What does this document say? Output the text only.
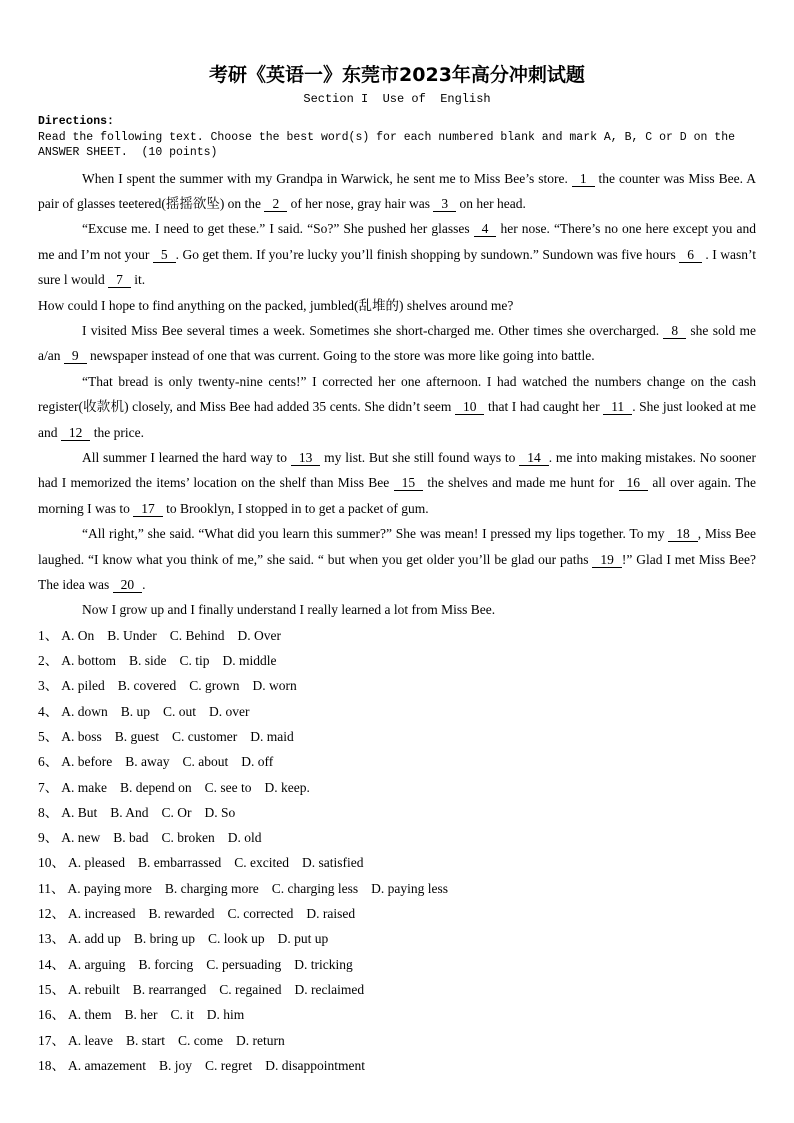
考研《英语一》东莞市2023年高分冲刺试题
Section I  Use of  English
Directions:
Read the following text. Choose the best word(s) for each numbered blank and mark A, B, C or D on the ANSWER SHEET.  (10 points)

When I spent the summer with my Grandpa in Warwick, he sent me to Miss Bee’s store. 1 the counter was Miss Bee. A pair of glasses teetered(摇摇欲坠) on the 2 of her nose, gray hair was 3 on her head.

“Excuse me. I need to get these.” I said. “So?” She pushed her glasses 4 her nose. “There’s no one here except you and me and I’m not your 5 . Go get them. If you’re lucky you’ll finish shopping by sundown.” Sundown was five hours 6 . I wasn’t sure l would 7 it.

How could I hope to find anything on the packed, jumbled(乱堆的) shelves around me?

I visited Miss Bee several times a week. Sometimes she short-charged me. Other times she overcharged. 8 she sold me a/an 9 newspaper instead of one that was current. Going to the store was more like going into battle.

“That bread is only twenty-nine cents!” I corrected her one afternoon. I had watched the numbers change on the cash register(收款机) closely, and Miss Bee had added 35 cents. She didn’t seem 10 that I had caught her 11 . She just looked at me and 12 the price.

All summer I learned the hard way to 13 my list. But she still found ways to 14 . me into making mistakes. No sooner had I memorized the items’ location on the shelf than Miss Bee 15 the shelves and made me hunt for 16 all over again. The morning I was to 17 to Brooklyn, I stopped in to get a packet of gum.

“All right,” she said. “What did you learn this summer?” She was mean! I pressed my lips together. To my 18 , Miss Bee laughed. “I know what you think of me,” she said. “ but when you get older you’ll be glad our paths 19 !” Glad I met Miss Bee? The idea was 20 .

Now I grow up and I finally understand I really learned a lot from Miss Bee.

1、 A. On B. Under C. Behind D. Over
2、 A. bottom B. side C. tip D. middle
3、 A. piled B. covered C. grown D. worn
4、 A. down B. up C. out D. over
5、 A. boss B. guest C. customer D. maid
6、 A. before B. away C. about D. off
7、 A. make B. depend on C. see to D. keep.
8、 A. But B. And C. Or D. So
9、 A. new B. bad C. broken D. old
10、 A. pleased B. embarrassed C. excited D. satisfied
11、 A. paying more B. charging more C. charging less D. paying less
12、 A. increased B. rewarded C. corrected D. raised
13、 A. add up B. bring up C. look up D. put up
14、 A. arguing B. forcing C. persuading D. tricking
15、 A. rebuilt B. rearranged C. regained D. reclaimed
16、 A. them B. her C. it D. him
17、 A. leave B. start C. come D. return
18、 A. amazement B. joy C. regret D. disappointment
